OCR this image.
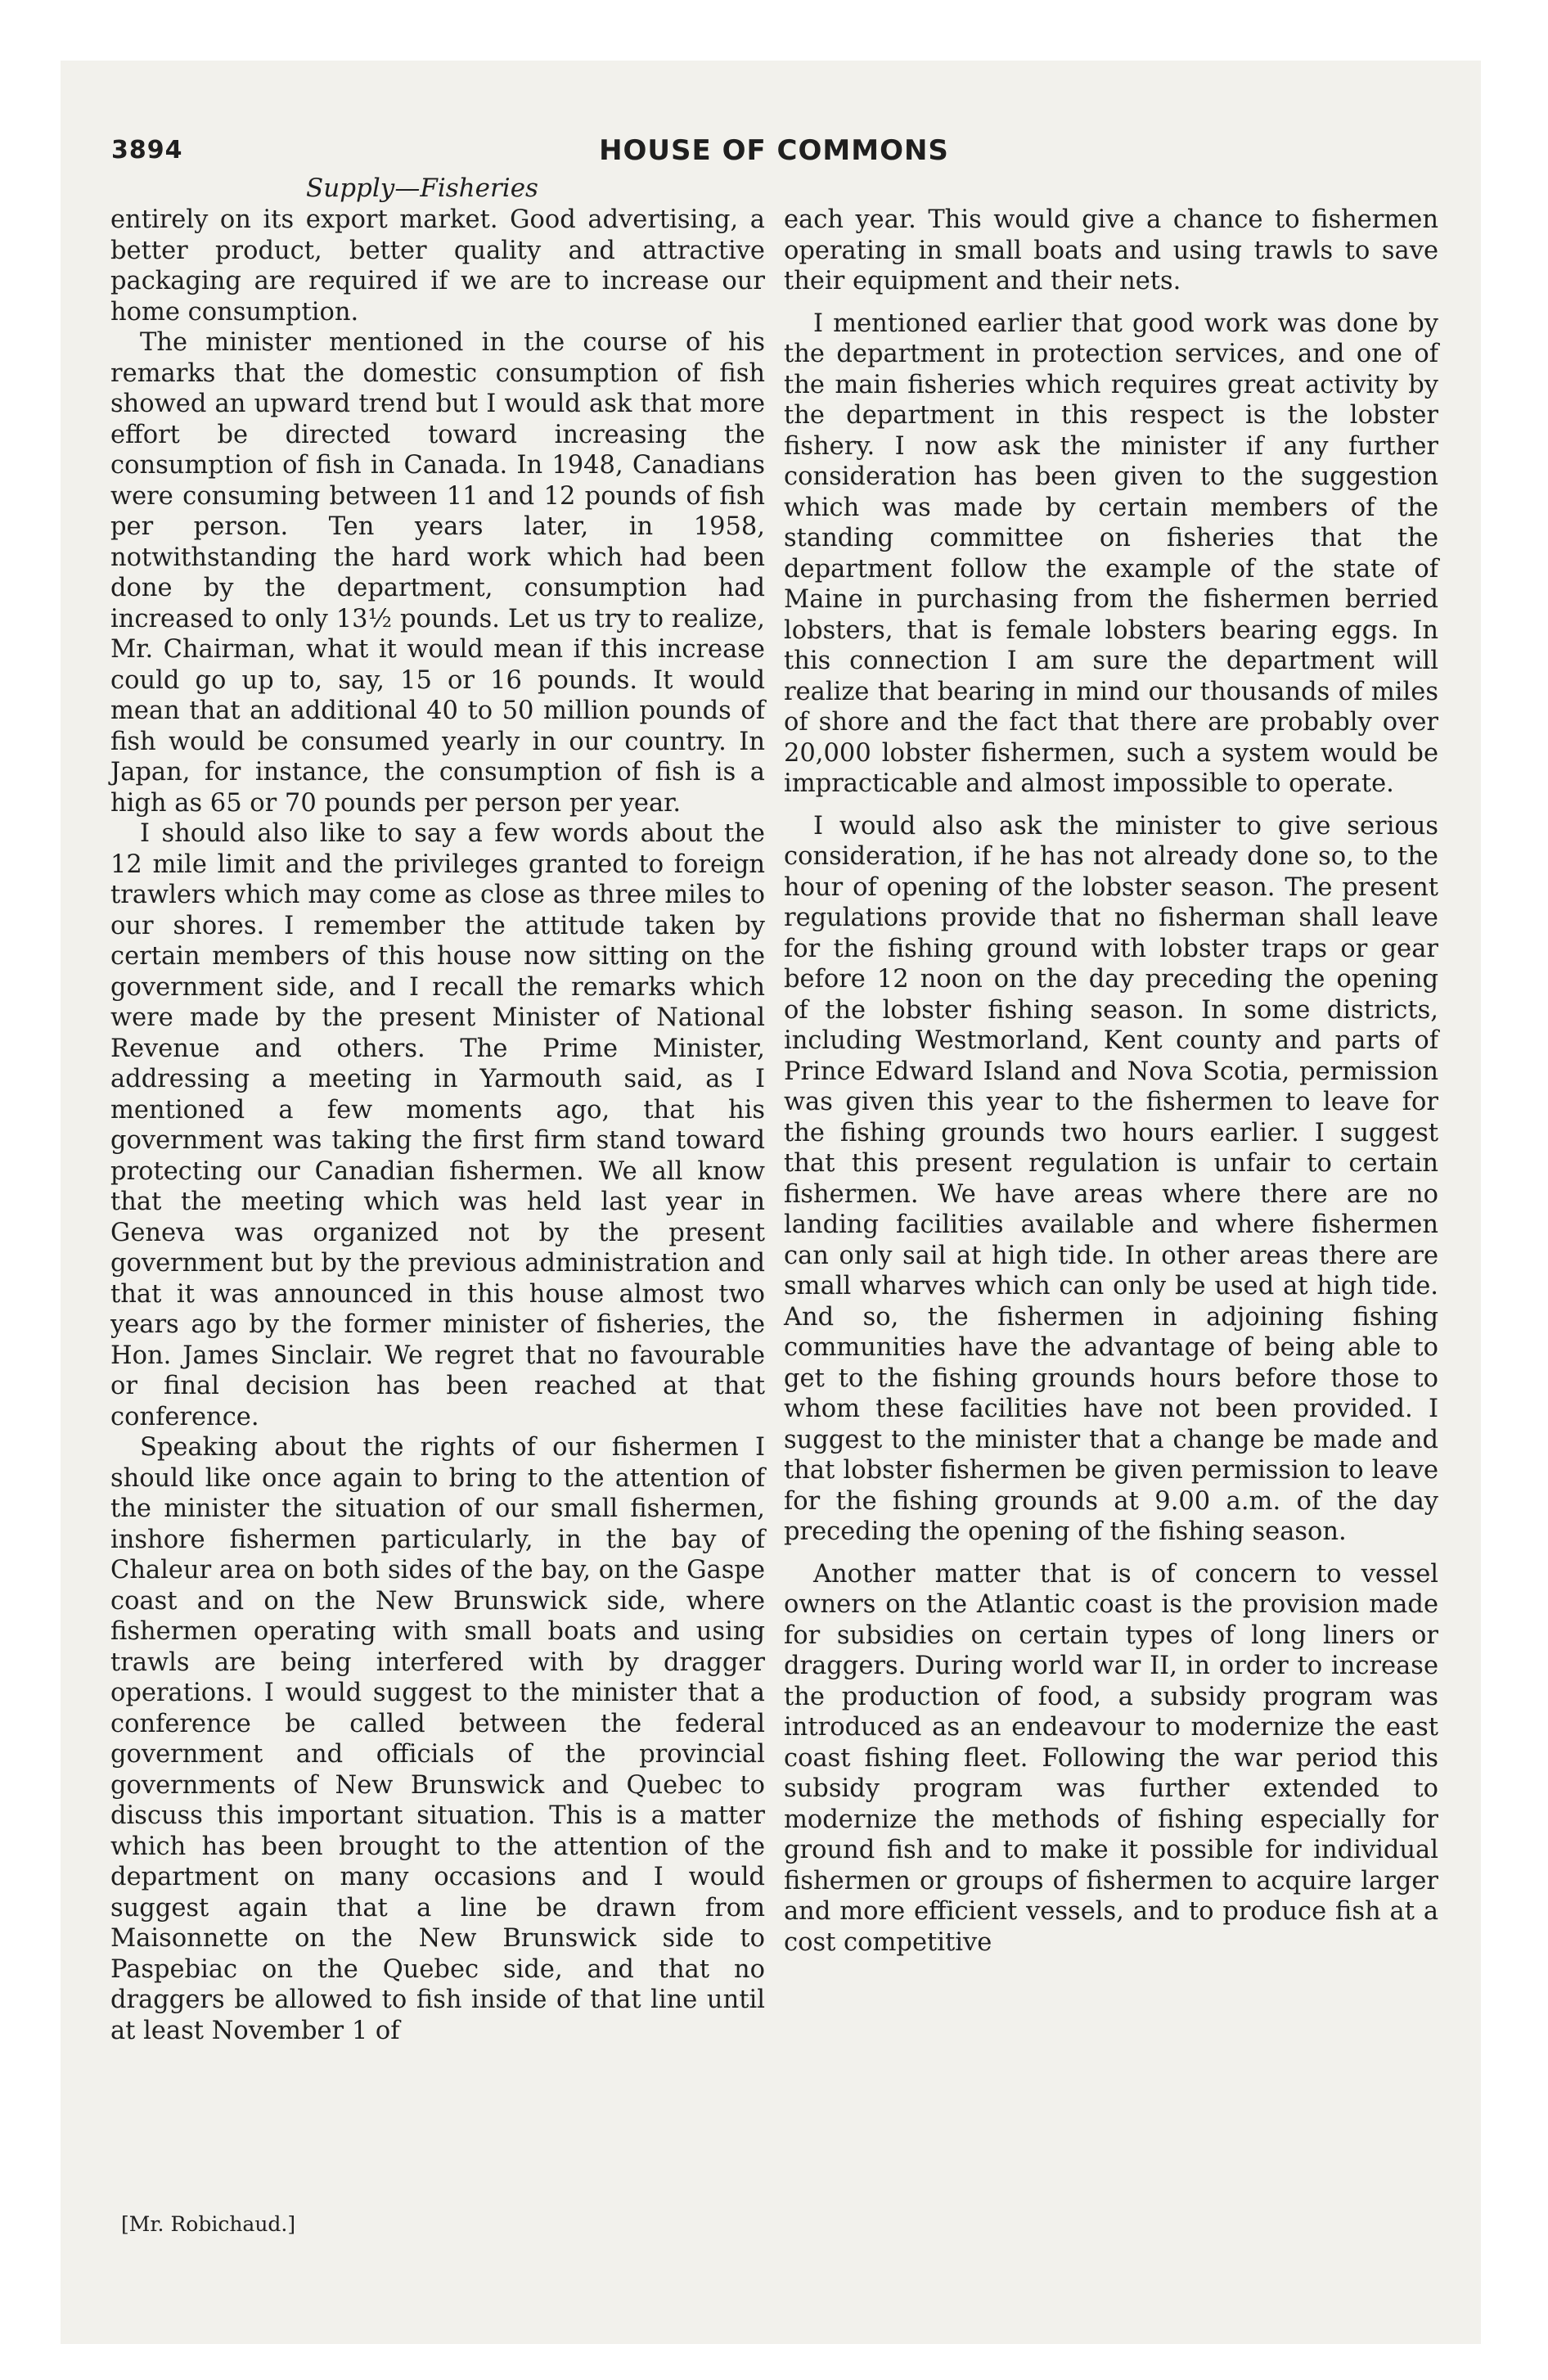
3894	HOUSE OF COMMONS
Supply—Fisheries

entirely on its export market. Good advertising, a better product, better quality and attractive packaging are required if we are to increase our home consumption.

The minister mentioned in the course of his remarks that the domestic consumption of fish showed an upward trend but I would ask that more effort be directed toward increasing the consumption of fish in Canada. In 1948, Canadians were consuming between 11 and 12 pounds of fish per person. Ten years later, in 1958, notwithstanding the hard work which had been done by the department, consumption had increased to only 13½ pounds. Let us try to realize, Mr. Chairman, what it would mean if this increase could go up to, say, 15 or 16 pounds. It would mean that an additional 40 to 50 million pounds of fish would be consumed yearly in our country. In Japan, for instance, the consumption of fish is a high as 65 or 70 pounds per person per year.

I should also like to say a few words about the 12 mile limit and the privileges granted to foreign trawlers which may come as close as three miles to our shores. I remember the attitude taken by certain members of this house now sitting on the government side, and I recall the remarks which were made by the present Minister of National Revenue and others. The Prime Minister, addressing a meeting in Yarmouth said, as I mentioned a few moments ago, that his government was taking the first firm stand toward protecting our Canadian fishermen. We all know that the meeting which was held last year in Geneva was organized not by the present government but by the previous administration and that it was announced in this house almost two years ago by the former minister of fisheries, the Hon. James Sinclair. We regret that no favourable or final decision has been reached at that conference.

Speaking about the rights of our fishermen I should like once again to bring to the attention of the minister the situation of our small fishermen, inshore fishermen particularly, in the bay of Chaleur area on both sides of the bay, on the Gaspe coast and on the New Brunswick side, where fishermen operating with small boats and using trawls are being interfered with by dragger operations. I would suggest to the minister that a conference be called between the federal government and officials of the provincial governments of New Brunswick and Quebec to discuss this important situation. This is a matter which has been brought to the attention of the department on many occasions and I would suggest again that a line be drawn from Maisonnette on the New Brunswick side to Paspebiac on the Quebec side, and that no draggers be allowed to fish inside of that line until at least November 1 of

[Mr. Robichaud.]

each year. This would give a chance to fishermen operating in small boats and using trawls to save their equipment and their nets.

I mentioned earlier that good work was done by the department in protection services, and one of the main fisheries which requires great activity by the department in this respect is the lobster fishery. I now ask the minister if any further consideration has been given to the suggestion which was made by certain members of the standing committee on fisheries that the department follow the example of the state of Maine in purchasing from the fishermen berried lobsters, that is female lobsters bearing eggs. In this connection I am sure the department will realize that bearing in mind our thousands of miles of shore and the fact that there are probably over 20,000 lobster fishermen, such a system would be impracticable and almost impossible to operate.

I would also ask the minister to give serious consideration, if he has not already done so, to the hour of opening of the lobster season. The present regulations provide that no fisherman shall leave for the fishing ground with lobster traps or gear before 12 noon on the day preceding the opening of the lobster fishing season. In some districts, including Westmorland, Kent county and parts of Prince Edward Island and Nova Scotia, permission was given this year to the fishermen to leave for the fishing grounds two hours earlier. I suggest that this present regulation is unfair to certain fishermen. We have areas where there are no landing facilities available and where fishermen can only sail at high tide. In other areas there are small wharves which can only be used at high tide. And so, the fishermen in adjoining fishing communities have the advantage of being able to get to the fishing grounds hours before those to whom these facilities have not been provided. I suggest to the minister that a change be made and that lobster fishermen be given permission to leave for the fishing grounds at 9.00 a.m. of the day preceding the opening of the fishing season.

Another matter that is of concern to vessel owners on the Atlantic coast is the provision made for subsidies on certain types of long liners or draggers. During world war II, in order to increase the production of food, a subsidy program was introduced as an endeavour to modernize the east coast fishing fleet. Following the war period this subsidy program was further extended to modernize the methods of fishing especially for ground fish and to make it possible for individual fishermen or groups of fishermen to acquire larger and more efficient vessels, and to produce fish at a cost competitive
